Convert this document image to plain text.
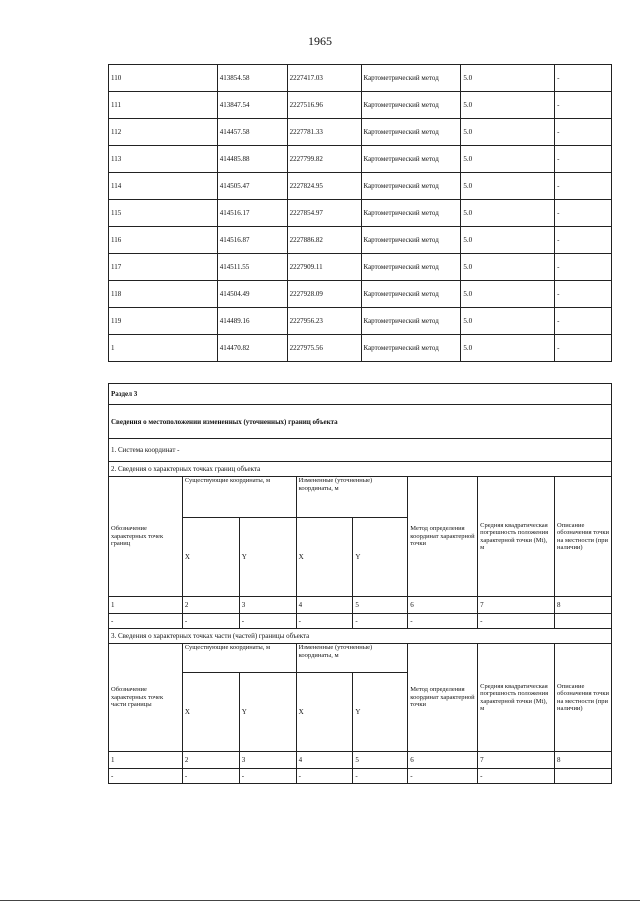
1965
110	413854.58	2227417.03	Картометрический метод	5.0	-
111	413847.54	2227516.96	Картометрический метод	5.0	-
112	414457.58	2227781.33	Картометрический метод	5.0	-
113	414485.88	2227799.82	Картометрический метод	5.0	-
114	414505.47	2227824.95	Картометрический метод	5.0	-
115	414516.17	2227854.97	Картометрический метод	5.0	-
116	414516.87	2227886.82	Картометрический метод	5.0	-
117	414511.55	2227909.11	Картометрический метод	5.0	-
118	414504.49	2227928.09	Картометрический метод	5.0	-
119	414489.16	2227956.23	Картометрический метод	5.0	-
1	414470.82	2227975.56	Картометрический метод	5.0	-
Раздел 3							
Сведения о местоположении измененных (уточненных) границ объекта							
1. Система координат -							
2. Сведения о характерных точках границ объекта							
Обозначение характерных точек границ	Существующие координаты, м		Измененные (уточненные) координаты, м		Метод определения координат характерной точки	Средняя квадратическая погрешность положения характерной точки (Mt), м	Описание обозначения точки на местности (при наличии)
	X	Y	X	Y			
1	2	3	4	5	6	7	8
-	-	-	-	-	-	-	
3. Сведения о характерных точках части (частей) границы объекта							
Обозначение характерных точек части границы	Существующие координаты, м		Измененные (уточненные) координаты, м		Метод определения координат характерной точки	Средняя квадратическая погрешность положения характерной точки (Mt), м	Описание обозначения точки на местности (при наличии)
	X	Y	X	Y			
1	2	3	4	5	6	7	8
-	-	-	-	-	-	-	
